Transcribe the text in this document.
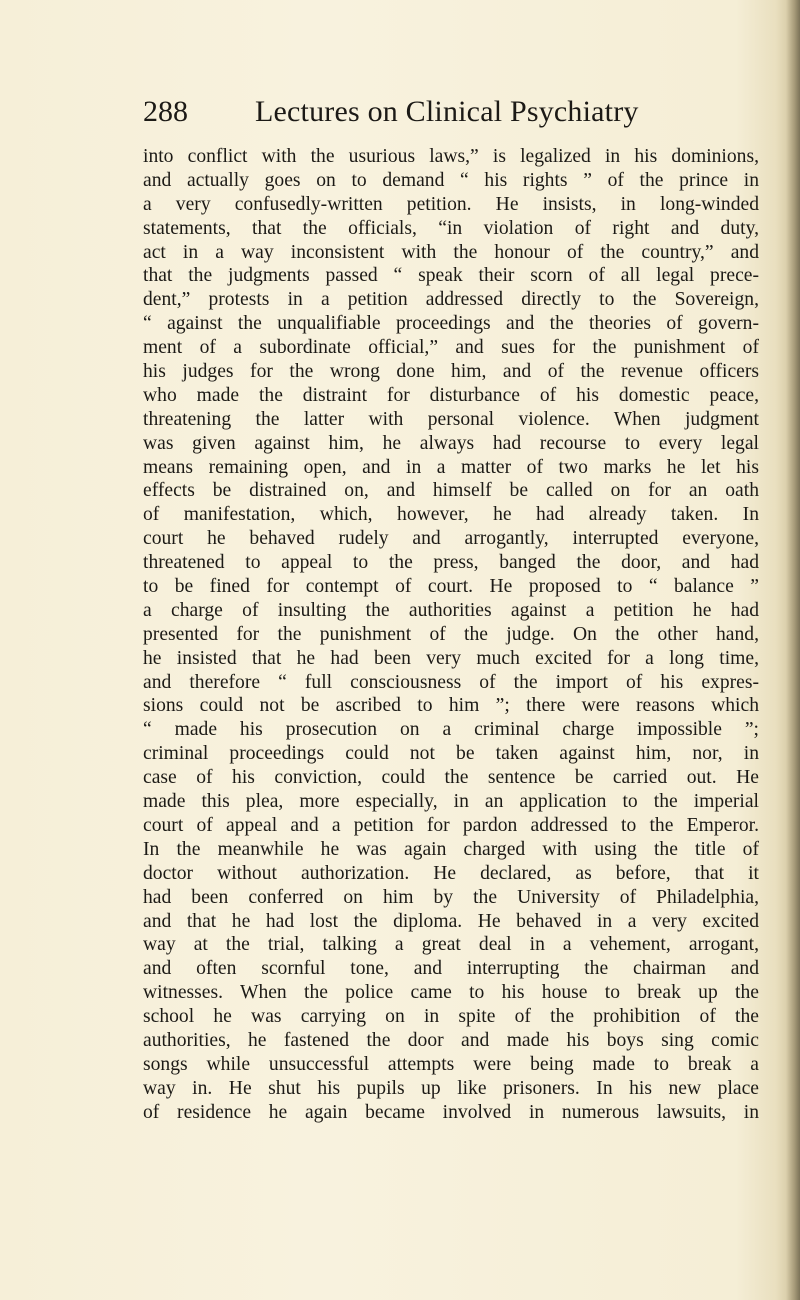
288 Lectures on Clinical Psychiatry
into conflict with the usurious laws,” is legalized in his dominions,
and actually goes on to demand “ his rights ” of the prince in
a very confusedly-written petition. He insists, in long-winded
statements, that the officials, “in violation of right and duty,
act in a way inconsistent with the honour of the country,” and
that the judgments passed “ speak their scorn of all legal prece-
dent,” protests in a petition addressed directly to the Sovereign,
“ against the unqualifiable proceedings and the theories of govern-
ment of a subordinate official,” and sues for the punishment of
his judges for the wrong done him, and of the revenue officers
who made the distraint for disturbance of his domestic peace,
threatening the latter with personal violence. When judgment
was given against him, he always had recourse to every legal
means remaining open, and in a matter of two marks he let his
effects be distrained on, and himself be called on for an oath
of manifestation, which, however, he had already taken. In
court he behaved rudely and arrogantly, interrupted everyone,
threatened to appeal to the press, banged the door, and had
to be fined for contempt of court. He proposed to “ balance ”
a charge of insulting the authorities against a petition he had
presented for the punishment of the judge. On the other hand,
he insisted that he had been very much excited for a long time,
and therefore “ full consciousness of the import of his expres-
sions could not be ascribed to him ”; there were reasons which
“ made his prosecution on a criminal charge impossible ”;
criminal proceedings could not be taken against him, nor, in
case of his conviction, could the sentence be carried out. He
made this plea, more especially, in an application to the imperial
court of appeal and a petition for pardon addressed to the Emperor.
In the meanwhile he was again charged with using the title of
doctor without authorization. He declared, as before, that it
had been conferred on him by the University of Philadelphia,
and that he had lost the diploma. He behaved in a very excited
way at the trial, talking a great deal in a vehement, arrogant,
and often scornful tone, and interrupting the chairman and
witnesses. When the police came to his house to break up the
school he was carrying on in spite of the prohibition of the
authorities, he fastened the door and made his boys sing comic
songs while unsuccessful attempts were being made to break a
way in. He shut his pupils up like prisoners. In his new place
of residence he again became involved in numerous lawsuits, in
